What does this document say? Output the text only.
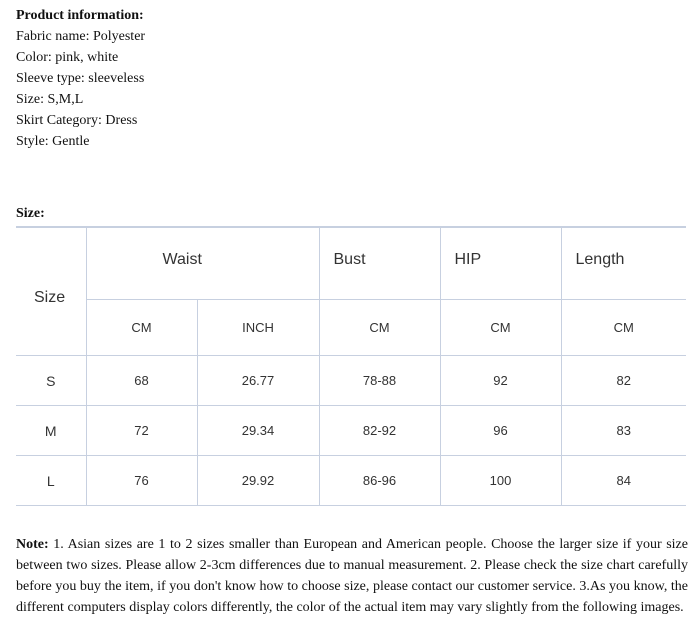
Product information:
Fabric name: Polyester
Color: pink, white
Sleeve type: sleeveless
Size: S,M,L
Skirt Category: Dress
Style: Gentle
Size:
Size	Waist		Bust	HIP	Length
	CM	INCH	CM	CM	CM
S	68	26.77	78-88	92	82
M	72	29.34	82-92	96	83
L	76	29.92	86-96	100	84
Note: 1. Asian sizes are 1 to 2 sizes smaller than European and American people. Choose the larger size if your size between two sizes. Please allow 2-3cm differences due to manual measurement. 2. Please check the size chart carefully before you buy the item, if you don't know how to choose size, please contact our customer service. 3.As you know, the different computers display colors differently, the color of the actual item may vary slightly from the following images.
